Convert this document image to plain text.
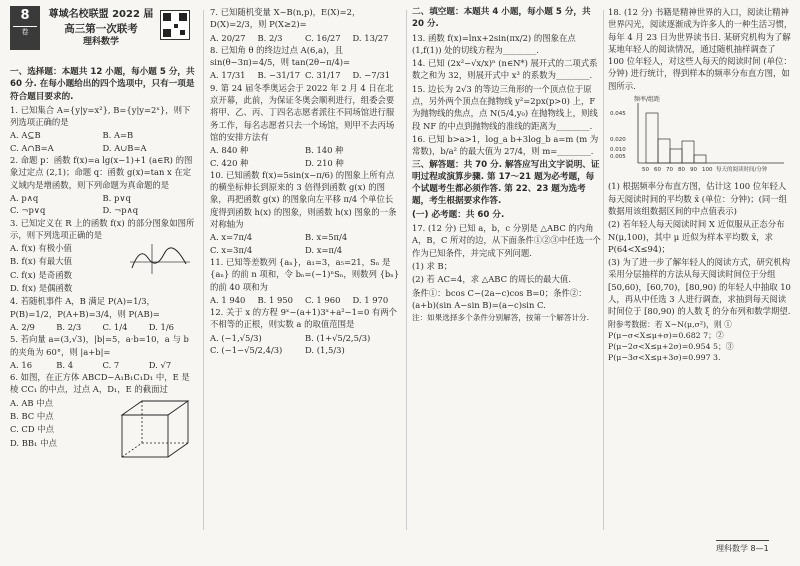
8
卷
尊域名校联盟 2022 届
高三第一次联考
理科数学

一、选择题：本题共 12 小题，每小题 5 分，共 60 分. 在每小题给出的四个选项中，只有一项是符合题目要求的.

1. 已知集合 A={y|y=x²}, B={y|y=2ˣ}，则下列选项正确的是

A. A⊆B	B. A=B
C. A∩B=A	D. A∪B=A

2. 命题 p：函数 f(x)=a lg(x−1)+1 (a∈R) 的图象过定点 (2,1)；命题 q：函数 g(x)=tan x 在定义域内是增函数，则下列命题为真命题的是

A. p∧q	B. p∨q
C. ¬p∨q	D. ¬p∧q

3. 已知定义在 R 上的函数 f(x) 的部分图象如图所示，则下列选项正确的是

A. f(x) 有极小值

B. f(x) 有最大值

C. f(x) 是奇函数

D. f(x) 是偶函数

4. 若随机事件 A，B 满足 P(A)=1/3，P(B)=1/2，P(A+B)=3/4，则 P(AB)=

A. 2/9	B. 2/3	C. 1/4	D. 1/6

5. 若向量 a=(3,√3)，|b|=5，a·b=10，a 与 b 的夹角为 60°，则 |a+b|=

A. 16	B. 4	C. 7	D. √7

6. 如图，在正方体 ABCD−A₁B₁C₁D₁ 中，E 是棱 CC₁ 的中点，过点 A，D₁，E 的截面过

A. AB 中点

B. BC 中点

C. CD 中点

D. BB₁ 中点

7. 已知随机变量 X~B(n,p)，E(X)=2，D(X)=2/3，则 P(X≥2)=

A. 20/27	B. 2/3	C. 16/27	D. 13/27

8. 已知角 θ 的终边过点 A(6,a)，且 sin(θ−3π)=4/5，则 tan(2θ−π/4)=

A. 17/31	B. −31/17 C. 31/17	D. −7/31

9. 第 24 届冬季奥运会于 2022 年 2 月 4 日在北京开幕，此前，为保证冬奥会顺利进行，组委会要将甲、乙、丙、丁四名志愿者派往不同场馆进行服务工作，每名志愿者只去一个场馆，则甲不去丙场馆的安排方法有

A. 840 种	B. 140 种
C. 420 种	D. 210 种

10. 已知函数 f(x)=5sin(x−π/6) 的图象上所有点的横坐标伸长到原来的 3 倍得到函数 g(x) 的图象，再把函数 g(x) 的图象向左平移 π/4 个单位长度得到函数 h(x) 的图象，则函数 h(x) 图象的一条对称轴为

A. x=7π/4	B. x=5π/4
C. x=3π/4	D. x=π/4

11. 已知等差数列 {aₙ}，a₁=3，a₅=21，Sₙ 是 {aₙ} 的前 n 项和，令 bₙ=(−1)ⁿSₙ，则数列 {bₙ} 的前 40 项和为

A. 1 940	B. 1 950	C. 1 960	D. 1 970

12. 关于 x 的方程 9ˣ−(a+1)3ˣ+a²−1=0 有两个不相等的正根，则实数 a 的取值范围是

A. (−1,√5/3)	B. (1+√5/2,5/3)
C. (−1−√5/2,4/3)	D. (1,5/3)

二、填空题：本题共 4 小题，每小题 5 分，共 20 分.

13. 函数 f(x)=lnx+2sin(πx/2) 的图象在点 (1,f(1)) 处的切线方程为________.

14. 已知 (2x²−√x/x)ⁿ (n∈N*) 展开式的二项式系数之和为 32，则展开式中 x³ 的系数为________.

15. 边长为 2√3 的等边三角形的一个顶点位于原点，另外两个顶点在抛物线 y²=2px(p>0) 上，F 为抛物线的焦点，点 N(5/4,y₀) 在抛物线上，则线段 NF 的中点到抛物线的准线的距离为________.

16. 已知 b>a>1，log_a b+3log_b a=m (m 为常数)，b/a² 的最大值为 27/4，则 m=________.

三、解答题：共 70 分. 解答应写出文字说明、证明过程或演算步骤. 第 17～21 题为必考题，每个试题考生都必须作答. 第 22、23 题为选考题，考生根据要求作答.

(一) 必考题：共 60 分.

17. (12 分) 已知 a，b，c 分别是 △ABC 的内角 A，B，C 所对的边，从下面条件①②③中任选一个作为已知条件，并完成下列问题.

(1) 求 B；

(2) 若 AC=4，求 △ABC 的周长的最大值.

条件①：bcos C−(2a−c)cos B=0；条件②：(a+b)(sin A−sin B)=(a−c)sin C.

注：如果选择多个条件分别解答，按第一个解答计分.

18. (12 分) 书籍是精神世界的入口，阅读让精神世界闪光，阅读逐渐成为许多人的一种生活习惯，每年 4 月 23 日为世界读书日. 某研究机构为了解某地年轻人的阅读情况，通过随机抽样调查了 100 位年轻人，对这些人每天的阅读时间 (单位：分钟) 进行统计，得到样本的频率分布直方图，如图所示.

频率/组距
0.045
0.020
0.010
0.005
50 60 70 80 90 100 每天的阅读时间/分钟

(1) 根据频率分布直方图，估计这 100 位年轻人每天阅读时间的平均数 x̄ (单位：分钟)；(同一组数据用该组数据区间的中点值表示)

(2) 若年轻人每天阅读时间 X 近似服从正态分布 N(μ,100)，其中 μ 近似为样本平均数 x̄，求 P(64<X≤94)；

(3) 为了进一步了解年轻人的阅读方式，研究机构采用分层抽样的方法从每天阅读时间位于分组 [50,60)，[60,70)，[80,90) 的年轻人中抽取 10 人，再从中任选 3 人进行调查，求抽到每天阅读时间位于 [80,90) 的人数 ξ 的分布列和数学期望.

附参考数据：若 X~N(μ,σ²)，则 ① P(μ−σ<X≤μ+σ)=0.682 7；② P(μ−2σ<X≤μ+2σ)=0.954 5；③ P(μ−3σ<X≤μ+3σ)=0.997 3.

理科数学 8—1
